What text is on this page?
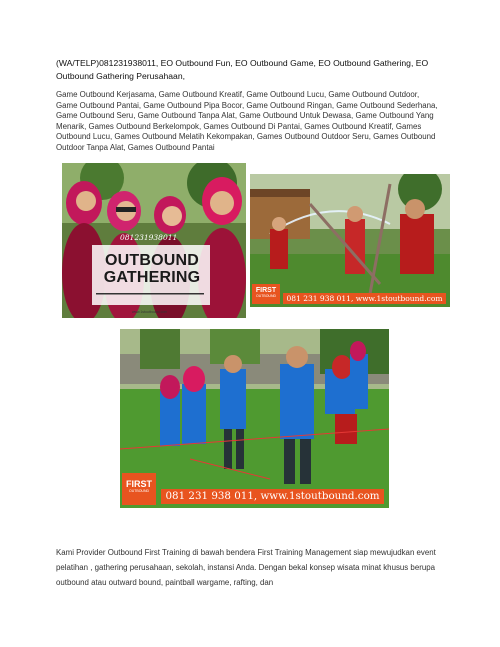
(WA/TELP)081231938011, EO Outbound Fun, EO Outbound Game, EO Outbound Gathering, EO Outbound Gathering Perusahaan,

Game Outbound Kerjasama, Game Outbound Kreatif, Game Outbound Lucu, Game Outbound Outdoor, Game Outbound Pantai, Game Outbound Pipa Bocor, Game Outbound Ringan, Game Outbound Sederhana, Game Outbound Seru, Game Outbound Tanpa Alat, Game Outbound Untuk Dewasa, Game Outbound Yang Menarik, Games Outbound Berkelompok, Games Outbound Di Pantai, Games Outbound Kreatif, Games Outbound Lucu, Games Outbound Melatih Kekompakan, Games Outbound Outdoor Seru, Games Outbound Outdoor Tanpa Alat, Games Outbound Pantai

081231938011
OUTBOUND GATHERING
www.1stoutbound.com
FIRST
OUTBOUND	081 231 938 011, www.1stoutbound.com
FIRST
OUTBOUND	081 231 938 011, www.1stoutbound.com

Kami Provider Outbound First Training di bawah bendera First Training Management siap mewujudkan event pelatihan , gathering perusahaan, sekolah, instansi Anda. Dengan bekal konsep wisata minat khusus berupa outbound atau outward bound, paintball wargame, rafting, dan
